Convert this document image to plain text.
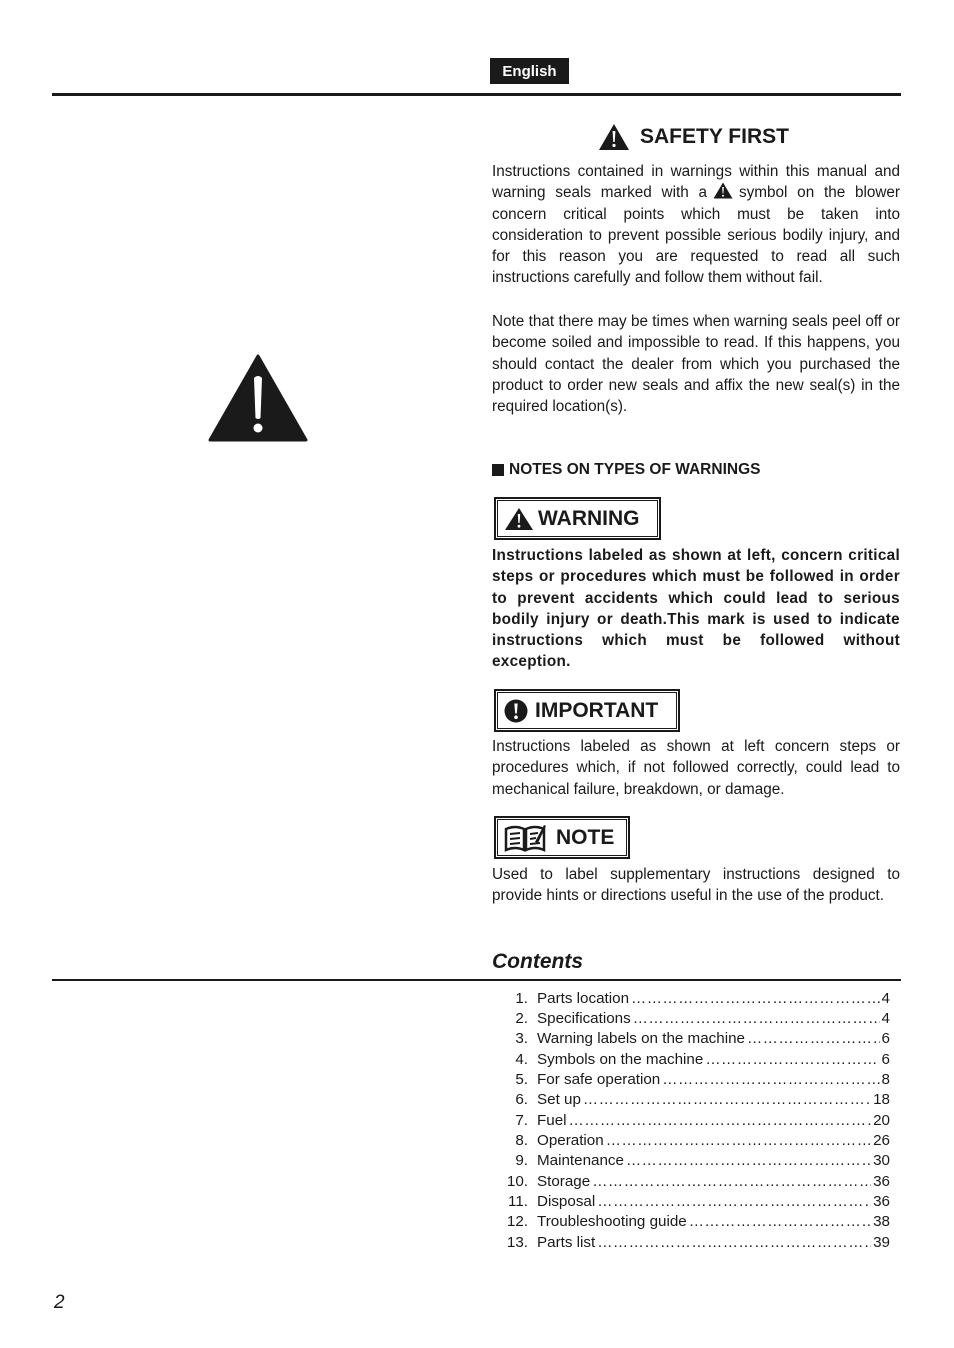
English
SAFETY FIRST

Instructions contained in warnings within this manual and warning seals marked with a symbol on the blower concern critical points which must be taken into consideration to prevent possible serious bodily injury, and for this reason you are requested to read all such instructions carefully and follow them without fail.

Note that there may be times when warning seals peel off or become soiled and impossible to read. If this happens, you should contact the dealer from which you purchased the product to order new seals and affix the new seal(s) in the required location(s).

NOTES ON TYPES OF WARNINGS
WARNING

Instructions labeled as shown at left, concern critical steps or procedures which must be followed in order to prevent accidents which could lead to serious bodily injury or death.This mark is used to indicate instructions which must be followed without exception.

IMPORTANT

Instructions labeled as shown at left concern steps or procedures which, if not followed correctly, could lead to mechanical failure, breakdown, or damage.

NOTE

Used to label supplementary instructions designed to provide hints or directions useful in the use of the product.

Contents
1. Parts location ……………………………………………………………………………………………………………………	4
2. Specifications ……………………………………………………………………………………………………………………	4
3. Warning labels on the machine ……………………………………………………………………………………………………………………	6
4. Symbols on the machine ……………………………………………………………………………………………………………………	6
5. For safe operation ……………………………………………………………………………………………………………………	8
6. Set up ……………………………………………………………………………………………………………………	18
7. Fuel ……………………………………………………………………………………………………………………	20
8. Operation ……………………………………………………………………………………………………………………	26
9. Maintenance ……………………………………………………………………………………………………………………	30
10. Storage ……………………………………………………………………………………………………………………	36
11. Disposal ……………………………………………………………………………………………………………………	36
12. Troubleshooting guide ……………………………………………………………………………………………………………………	38
13. Parts list ……………………………………………………………………………………………………………………	39
2
